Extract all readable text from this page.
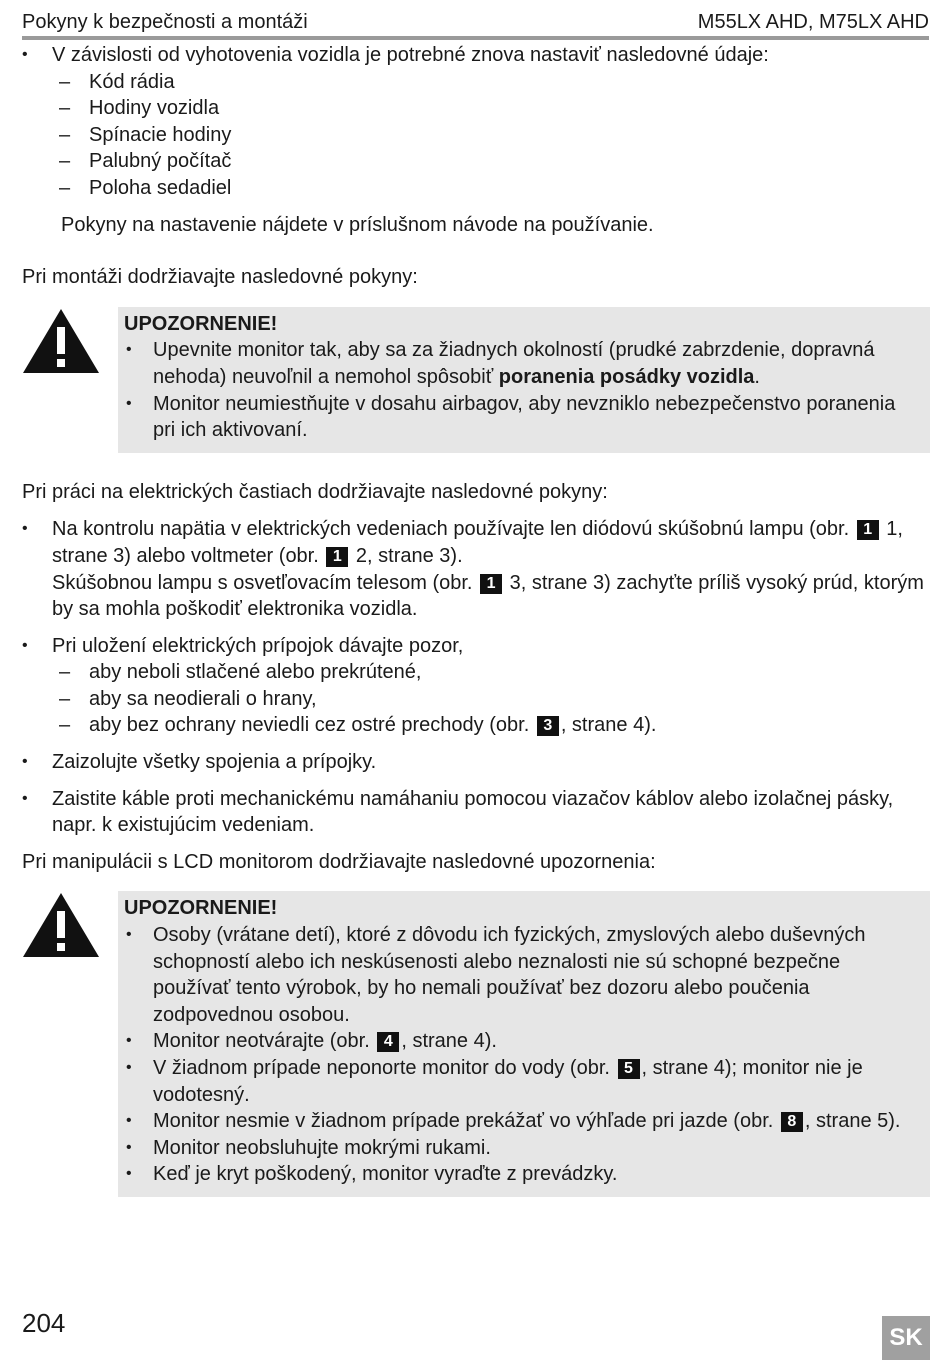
Pokyny k bezpečnosti a montáži	M55LX AHD, M75LX AHD
• V závislosti od vyhotovenia vozidla je potrebné znova nastaviť nasledovné údaje:
– Kód rádia
– Hodiny vozidla
– Spínacie hodiny
– Palubný počítač
– Poloha sedadiel

Pokyny na nastavenie nájdete v príslušnom návode na používanie.

Pri montáži dodržiavajte nasledovné pokyny:

UPOZORNENIE!
• Upevnite monitor tak, aby sa za žiadnych okolností (prudké zabrzdenie, dopravná nehoda) neuvoľnil a nemohol spôsobiť poranenia posádky vozidla.
• Monitor neumiestňujte v dosahu airbagov, aby nevzniklo nebezpečenstvo poranenia pri ich aktivovaní.

Pri práci na elektrických častiach dodržiavajte nasledovné pokyny:

• Na kontrolu napätia v elektrických vedeniach používajte len diódovú skúšobnú lampu (obr. 1 1, strane 3) alebo voltmeter (obr. 1 2, strane 3).
Skúšobnou lampu s osvetľovacím telesom (obr. 1 3, strane 3) zachyťte príliš vysoký prúd, ktorým by sa mohla poškodiť elektronika vozidla.
• Pri uložení elektrických prípojok dávajte pozor,
– aby neboli stlačené alebo prekrútené,
– aby sa neodierali o hrany,
– aby bez ochrany neviedli cez ostré prechody (obr. 3 , strane 4).
• Zaizolujte všetky spojenia a prípojky.
• Zaistite káble proti mechanickému namáhaniu pomocou viazačov káblov alebo izolačnej pásky, napr. k existujúcim vedeniam.

Pri manipulácii s LCD monitorom dodržiavajte nasledovné upozornenia:

UPOZORNENIE!
• Osoby (vrátane detí), ktoré z dôvodu ich fyzických, zmyslových alebo duševných schopností alebo ich neskúsenosti alebo neznalosti nie sú schopné bezpečne používať tento výrobok, by ho nemali používať bez dozoru alebo poučenia zodpovednou osobou.
• Monitor neotvárajte (obr. 4 , strane 4).
• V žiadnom prípade neponorte monitor do vody (obr. 5 , strane 4); monitor nie je vodotesný.
• Monitor nesmie v žiadnom prípade prekážať vo výhľade pri jazde (obr. 8 , strane 5).
• Monitor neobsluhujte mokrými rukami.
• Keď je kryt poškodený, monitor vyraďte z prevádzky.
204	SK
